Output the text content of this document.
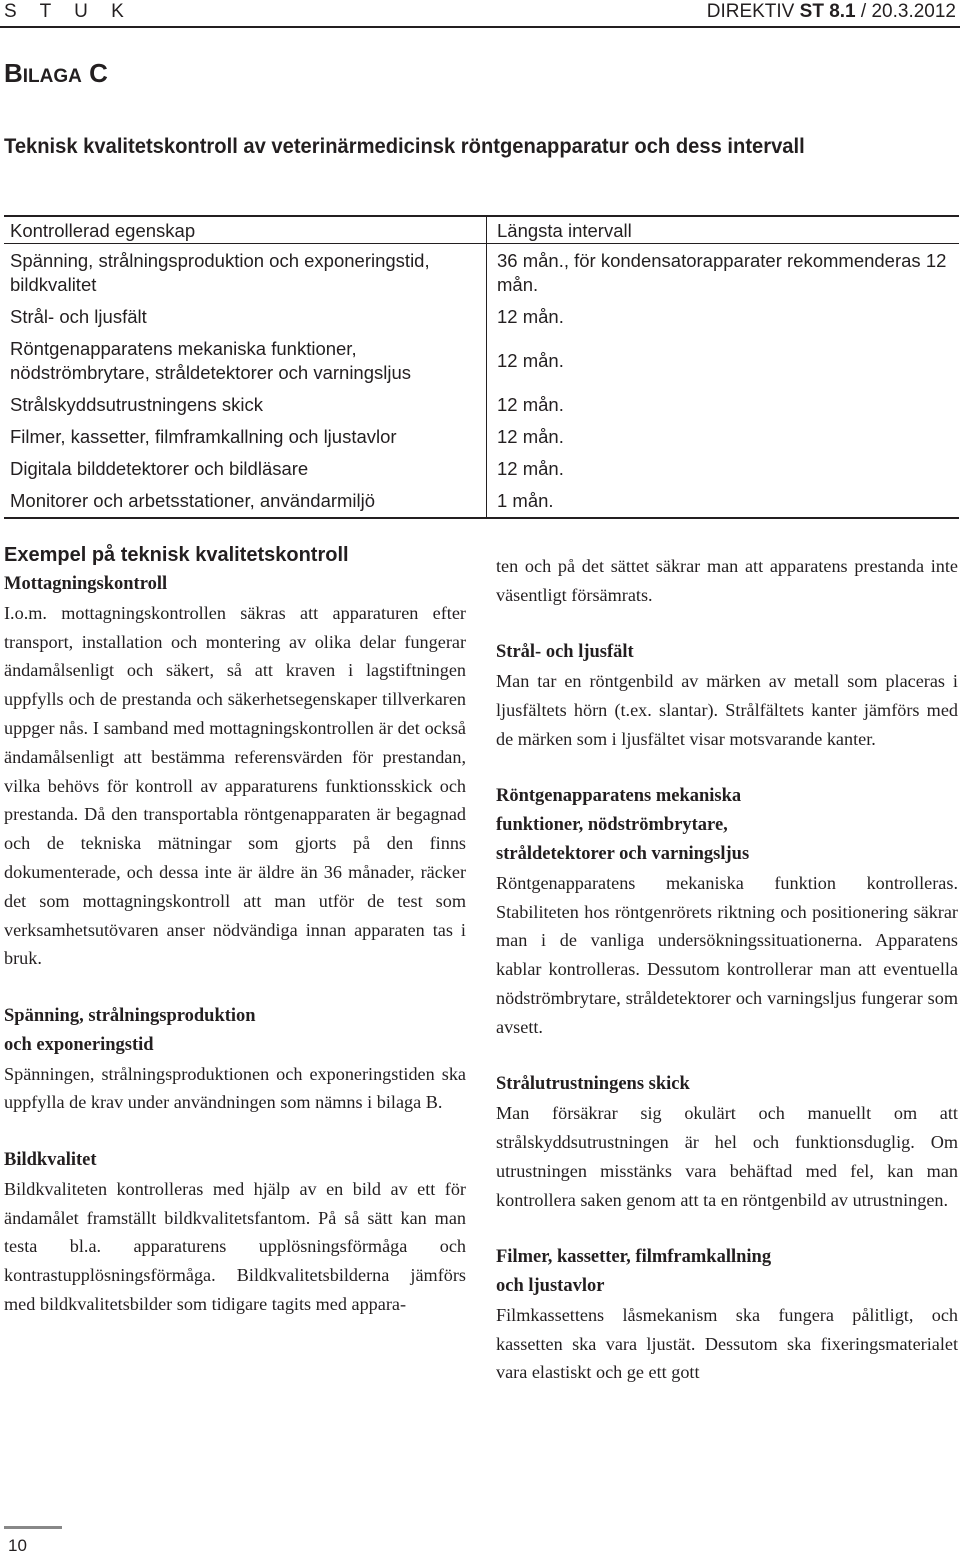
S T U K	DIREKTIV ST 8.1 / 20.3.2012
BILAGA C
Teknisk kvalitetskontroll av veterinärmedicinsk röntgenapparatur och dess intervall
Kontrollerad egenskap	Längsta intervall
Spänning, strålningsproduktion och exponeringstid, bildkvalitet	36 mån., för kondensatorapparater rekommenderas 12 mån.
Strål- och ljusfält	12 mån.
Röntgenapparatens mekaniska funktioner, nödströmbrytare, stråldetektorer och varningsljus	12 mån.
Strålskyddsutrustningens skick	12 mån.
Filmer, kassetter, filmframkallning och ljustavlor	12 mån.
Digitala bilddetektorer och bildläsare	12 mån.
Monitorer och arbetsstationer, användarmiljö	1 mån.
Exempel på teknisk kvalitetskontroll
Mottagningskontroll

I.o.m. mottagningskontrollen säkras att apparaturen efter transport, installation och montering av olika delar fungerar ändamålsenligt och säkert, så att kraven i lagstiftningen uppfylls och de prestanda och säkerhetsegenskaper tillverkaren uppger nås. I samband med mottagningskontrollen är det också ändamålsenligt att bestämma referensvärden för prestandan, vilka behövs för kontroll av apparaturens funktionsskick och prestanda. Då den transportabla röntgenapparaten är begagnad och de tekniska mätningar som gjorts på den finns dokumenterade, och dessa inte är äldre än 36 månader, räcker det som mottagningskontroll att man utför de test som verksamhetsutövaren anser nödvändiga innan apparaten tas i bruk.

Spänning, strålningsproduktion
och exponeringstid

Spänningen, strålningsproduktionen och exponeringstiden ska uppfylla de krav under användningen som nämns i bilaga B.

Bildkvalitet

Bildkvaliteten kontrolleras med hjälp av en bild av ett för ändamålet framställt bildkvalitetsfantom. På så sätt kan man testa bl.a. apparaturens upplösningsförmåga och kontrastupplösningsförmåga. Bildkvalitetsbilderna jämförs med bildkvalitetsbilder som tidigare tagits med appara-

ten och på det sättet säkrar man att apparatens prestanda inte väsentligt försämrats.

Strål- och ljusfält

Man tar en röntgenbild av märken av metall som placeras i ljusfältets hörn (t.ex. slantar). Strålfältets kanter jämförs med de märken som i ljusfältet visar motsvarande kanter.

Röntgenapparatens mekaniska
funktioner, nödströmbrytare,
stråldetektorer och varningsljus

Röntgenapparatens mekaniska funktion kontrolleras. Stabiliteten hos röntgenrörets riktning och positionering säkrar man i de vanliga undersökningssituationerna. Apparatens kablar kontrolleras. Dessutom kontrollerar man att eventuella nödströmbrytare, stråldetektorer och varningsljus fungerar som avsett.

Strålutrustningens skick

Man försäkrar sig okulärt och manuellt om att strålskyddsutrustningen är hel och funktionsduglig. Om utrustningen misstänks vara behäftad med fel, kan man kontrollera saken genom att ta en röntgenbild av utrustningen.

Filmer, kassetter, filmframkallning
och ljustavlor

Filmkassettens låsmekanism ska fungera pålitligt, och kassetten ska vara ljustät. Dessutom ska fixeringsmaterialet vara elastiskt och ge ett gott

10
